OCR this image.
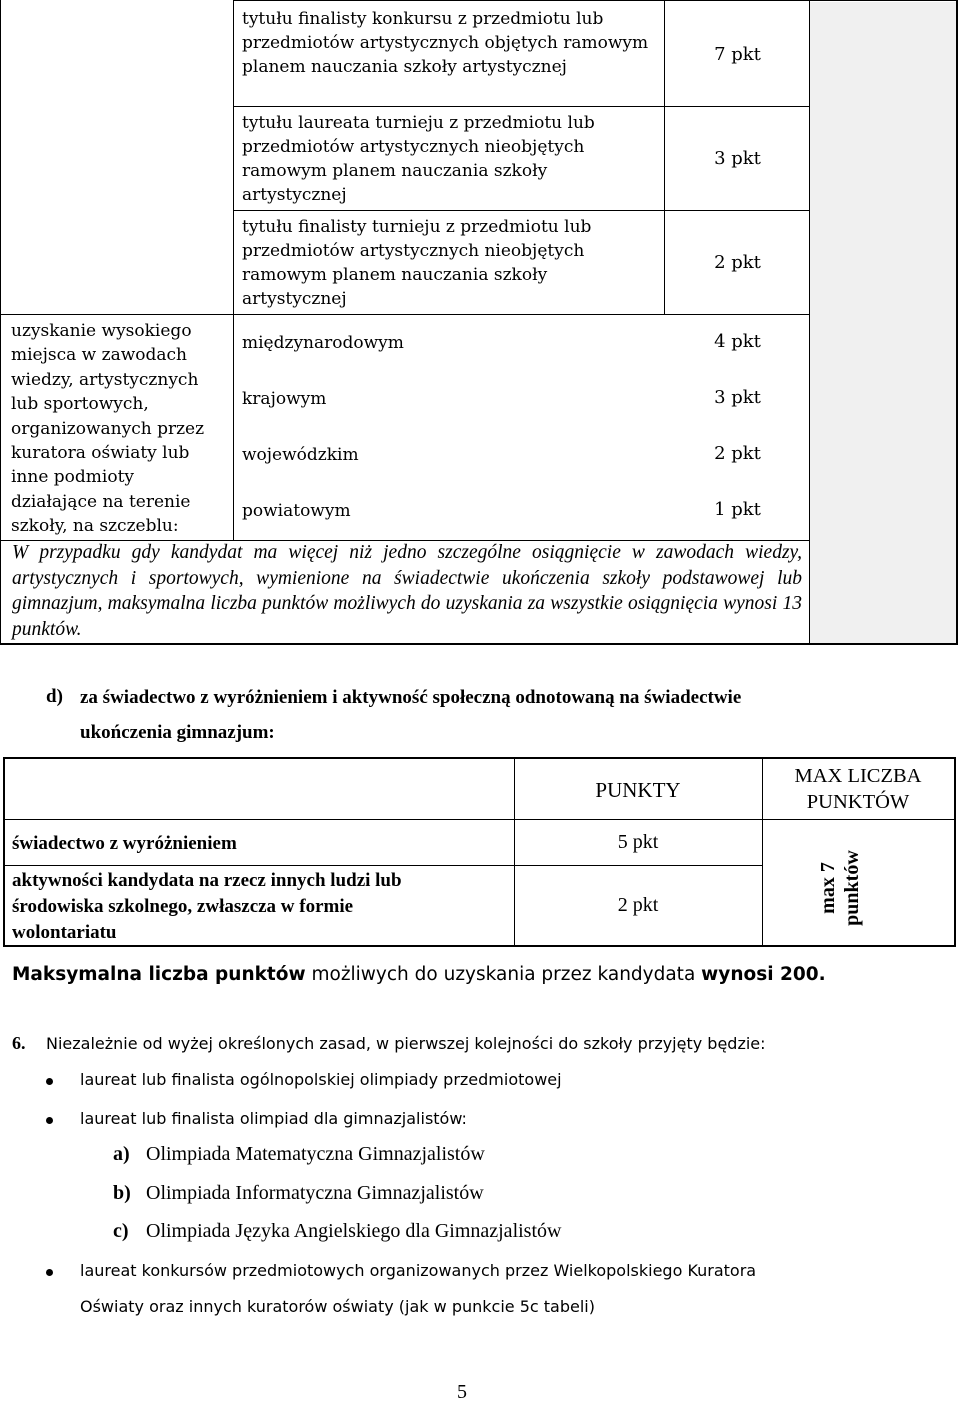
uzyskanie wysokiego miejsca w zawodach wiedzy, artystycznych lub sportowych, organizowanych przez kuratora oświaty lub inne podmioty działające na terenie szkoły, na szczeblu:
tytułu finalisty konkursu z przedmiotu lub przedmiotów artystycznych objętych ramowym planem nauczania szkoły artystycznej
tytułu laureata turnieju z przedmiotu lub przedmiotów artystycznych nieobjętych ramowym planem nauczania szkoły artystycznej
tytułu finalisty turnieju z przedmiotu lub przedmiotów artystycznych nieobjętych ramowym planem nauczania szkoły artystycznej
międzynarodowym
krajowym
wojewódzkim
powiatowym
7 pkt
3 pkt
2 pkt
4 pkt
3 pkt
2 pkt
1 pkt
W przypadku gdy kandydat ma więcej niż jedno szczególne osiągnięcie w zawodach wiedzy, artystycznych i sportowych, wymienione na świadectwie ukończenia szkoły podstawowej lub gimnazjum, maksymalna liczba punktów możliwych do uzyskania za wszystkie osiągnięcia wynosi 13 punktów.
d) za świadectwo z wyróżnieniem i aktywność społeczną odnotowaną na świadectwie
ukończenia gimnazjum:
PUNKTY
MAX LICZBA
PUNKTÓW
świadectwo z wyróżnieniem	5 pkt
aktywności kandydata na rzecz innych ludzi lub
środowiska szkolnego, zwłaszcza w formie
wolontariatu
2 pkt	max 7 punktów
Maksymalna liczba punktów możliwych do uzyskania przez kandydata wynosi 200.
6. Niezależnie od wyżej określonych zasad, w pierwszej kolejności do szkoły przyjęty będzie:
laureat lub finalista ogólnopolskiej olimpiady przedmiotowej
laureat lub finalista olimpiad dla gimnazjalistów:
a) Olimpiada Matematyczna Gimnazjalistów
b) Olimpiada Informatyczna Gimnazjalistów
c) Olimpiada Języka Angielskiego dla Gimnazjalistów
laureat konkursów przedmiotowych organizowanych przez Wielkopolskiego Kuratora
Oświaty oraz innych kuratorów oświaty (jak w punkcie 5c tabeli)
5
